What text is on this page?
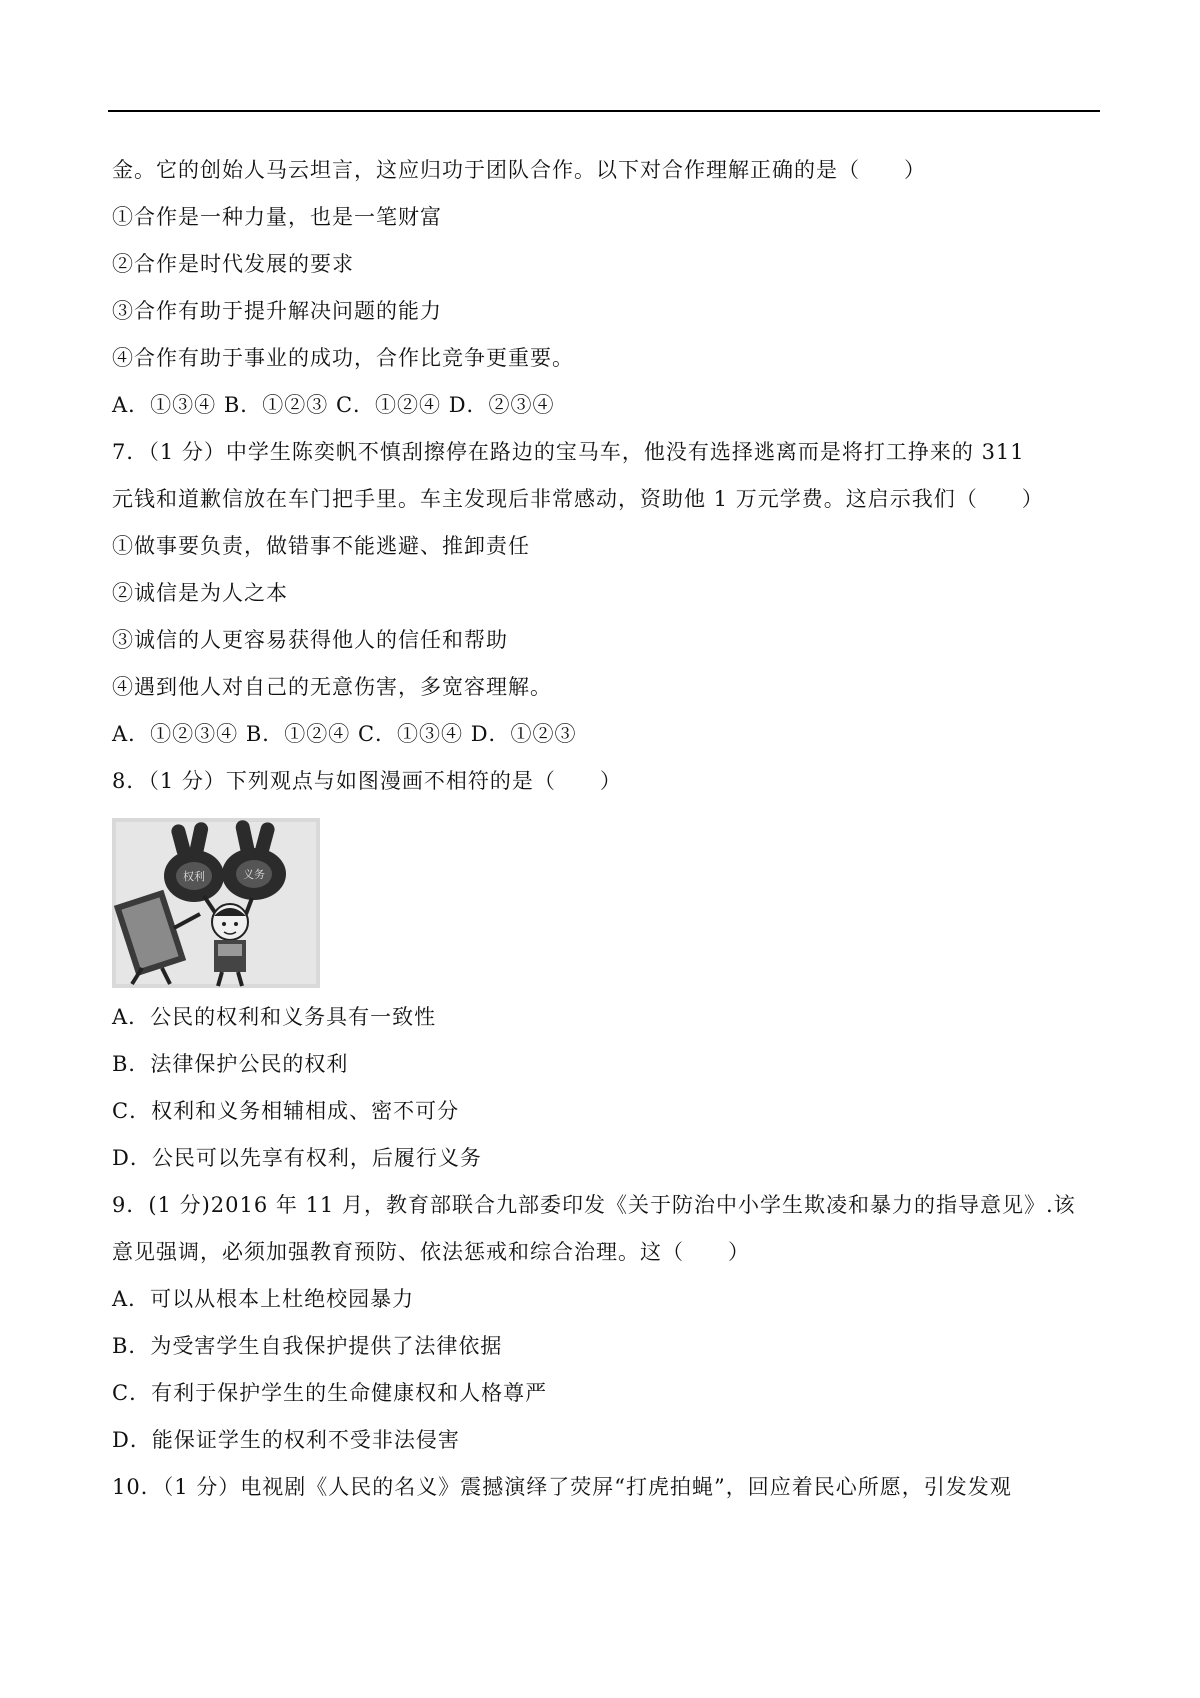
金。它的创始人马云坦言，这应归功于团队合作。以下对合作理解正确的是（　　）
①合作是一种力量，也是一笔财富
②合作是时代发展的要求
③合作有助于提升解决问题的能力
④合作有助于事业的成功，合作比竞争更重要。
A．①③④ B．①②③ C．①②④ D．②③④
7．（1 分）中学生陈奕帆不慎刮擦停在路边的宝马车，他没有选择逃离而是将打工挣来的 311
元钱和道歉信放在车门把手里。车主发现后非常感动，资助他 1 万元学费。这启示我们（　　）
①做事要负责，做错事不能逃避、推卸责任
②诚信是为人之本
③诚信的人更容易获得他人的信任和帮助
④遇到他人对自己的无意伤害，多宽容理解。
A．①②③④ B．①②④ C．①③④ D．①②③
8．（1 分）下列观点与如图漫画不相符的是（　　）
权利	义务
A．公民的权利和义务具有一致性
B．法律保护公民的权利
C．权利和义务相辅相成、密不可分
D．公民可以先享有权利，后履行义务
9．(1 分)2016 年 11 月，教育部联合九部委印发《关于防治中小学生欺凌和暴力的指导意见》.该
意见强调，必须加强教育预防、依法惩戒和综合治理。这（　　）
A．可以从根本上杜绝校园暴力
B．为受害学生自我保护提供了法律依据
C．有利于保护学生的生命健康权和人格尊严
D．能保证学生的权利不受非法侵害
10．（1 分）电视剧《人民的名义》震撼演绎了荧屏“打虎拍蝇”，回应着民心所愿，引发发观
